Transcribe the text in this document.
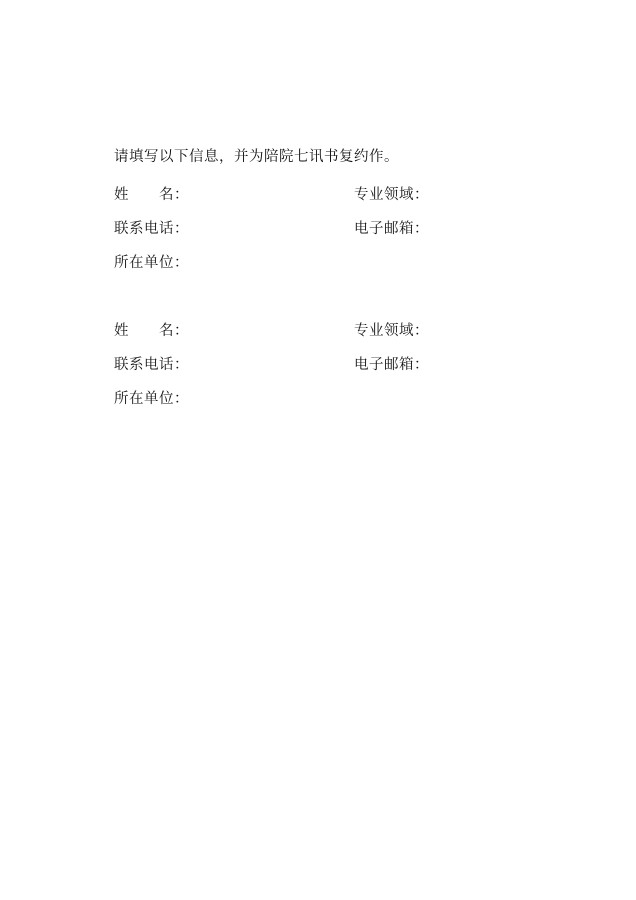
请填写以下信息，并为陪院七讯书复约作。
姓　　名：	专业领域：
联系电话：	电子邮箱：
所在单位：
姓　　名：	专业领域：
联系电话：	电子邮箱：
所在单位：
